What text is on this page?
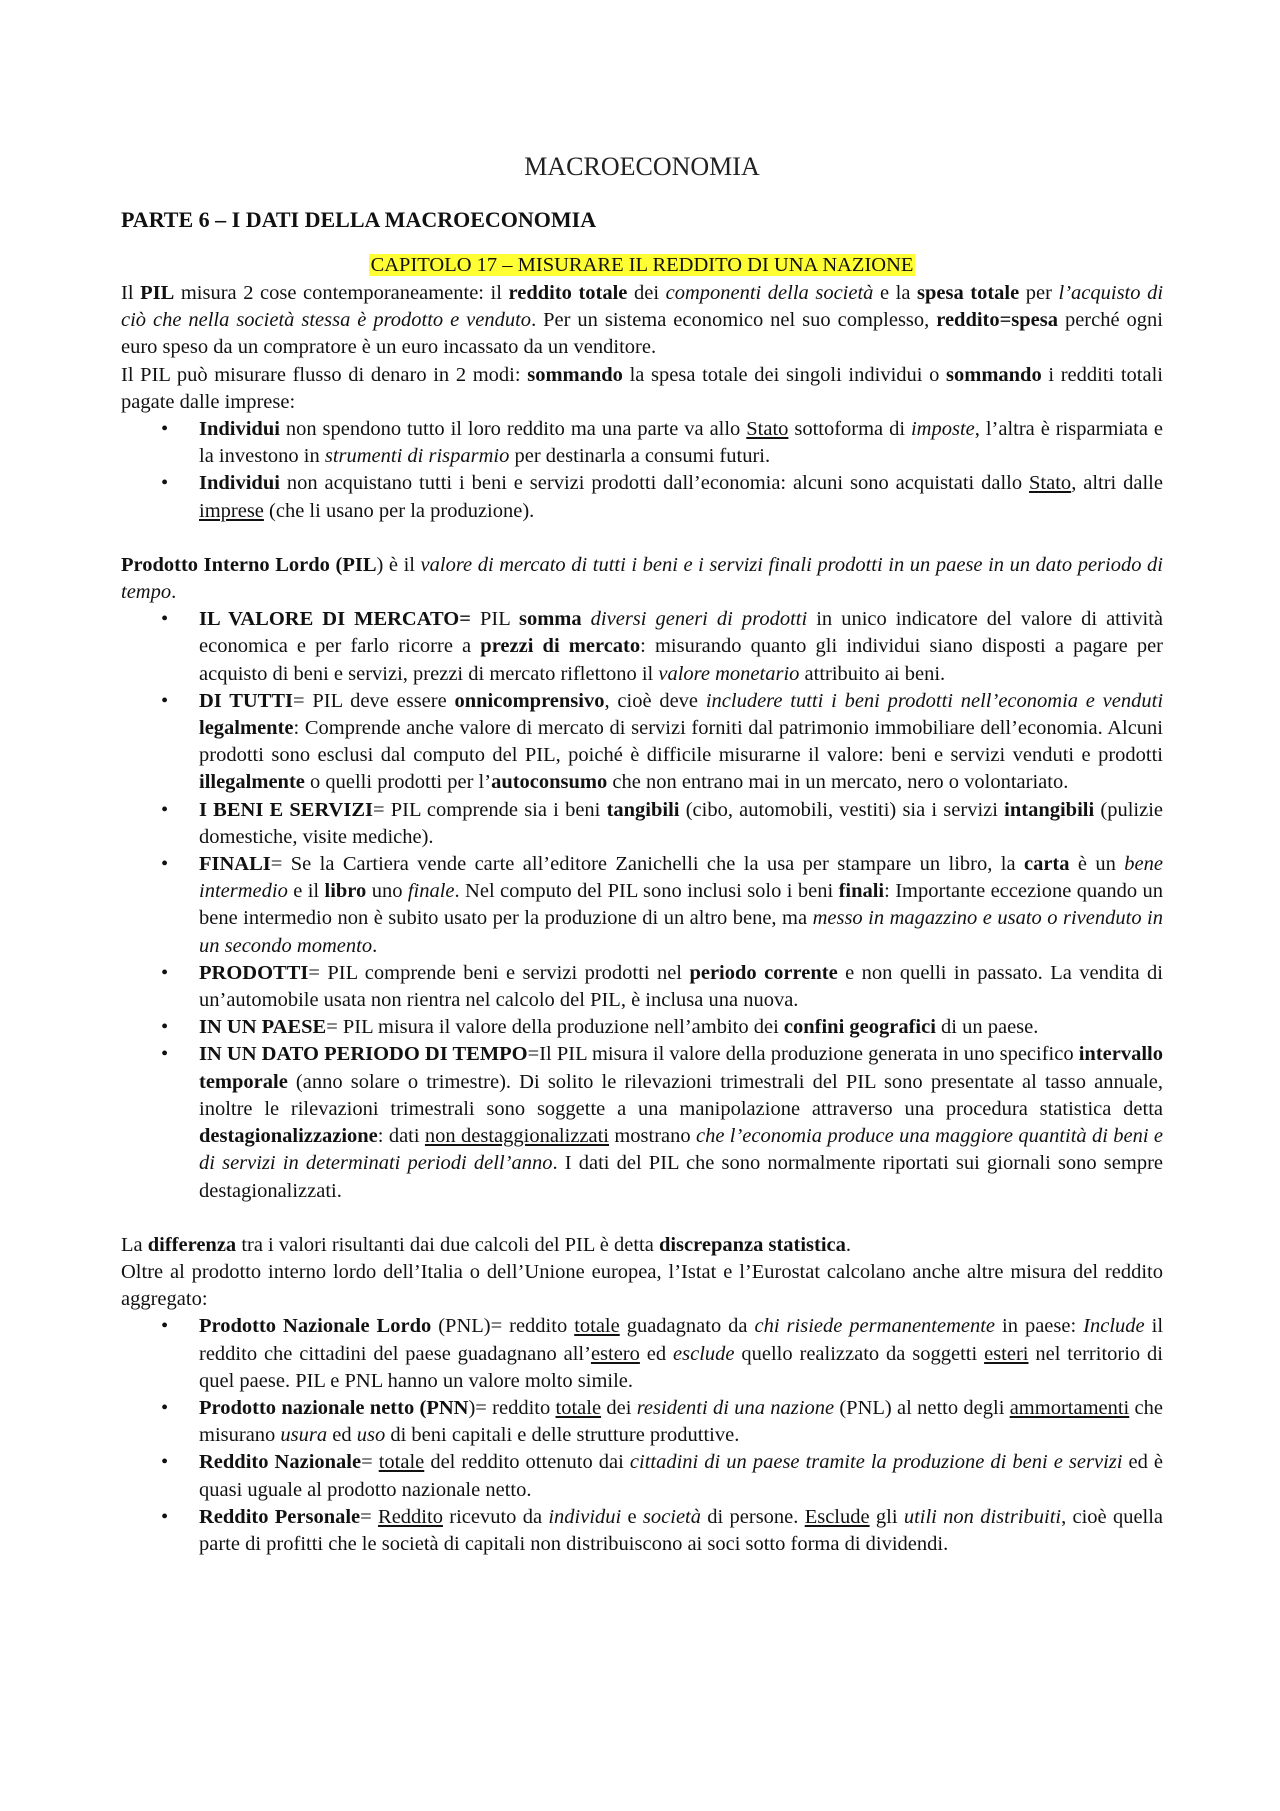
MACROECONOMIA
PARTE 6 – I DATI DELLA MACROECONOMIA
CAPITOLO 17 – MISURARE IL REDDITO DI UNA NAZIONE

Il PIL misura 2 cose contemporaneamente: il reddito totale dei componenti della società e la spesa totale per l’acquisto di ciò che nella società stessa è prodotto e venduto. Per un sistema economico nel suo complesso, reddito=spesa perché ogni euro speso da un compratore è un euro incassato da un venditore.

Il PIL può misurare flusso di denaro in 2 modi: sommando la spesa totale dei singoli individui o sommando i redditi totali pagate dalle imprese:

• Individui non spendono tutto il loro reddito ma una parte va allo Stato sottoforma di imposte, l’altra è risparmiata e la investono in strumenti di risparmio per destinarla a consumi futuri.
• Individui non acquistano tutti i beni e servizi prodotti dall’economia: alcuni sono acquistati dallo Stato, altri dalle imprese (che li usano per la produzione).

Prodotto Interno Lordo (PIL) è il valore di mercato di tutti i beni e i servizi finali prodotti in un paese in un dato periodo di tempo.

• IL VALORE DI MERCATO= PIL somma diversi generi di prodotti in unico indicatore del valore di attività economica e per farlo ricorre a prezzi di mercato: misurando quanto gli individui siano disposti a pagare per acquisto di beni e servizi, prezzi di mercato riflettono il valore monetario attribuito ai beni.
• DI TUTTI= PIL deve essere onnicomprensivo, cioè deve includere tutti i beni prodotti nell’economia e venduti legalmente: Comprende anche valore di mercato di servizi forniti dal patrimonio immobiliare dell’economia. Alcuni prodotti sono esclusi dal computo del PIL, poiché è difficile misurarne il valore: beni e servizi venduti e prodotti illegalmente o quelli prodotti per l’autoconsumo che non entrano mai in un mercato, nero o volontariato.
• I BENI E SERVIZI= PIL comprende sia i beni tangibili (cibo, automobili, vestiti) sia i servizi intangibili (pulizie domestiche, visite mediche).
• FINALI= Se la Cartiera vende carte all’editore Zanichelli che la usa per stampare un libro, la carta è un bene intermedio e il libro uno finale. Nel computo del PIL sono inclusi solo i beni finali: Importante eccezione quando un bene intermedio non è subito usato per la produzione di un altro bene, ma messo in magazzino e usato o rivenduto in un secondo momento.
• PRODOTTI= PIL comprende beni e servizi prodotti nel periodo corrente e non quelli in passato. La vendita di un’automobile usata non rientra nel calcolo del PIL, è inclusa una nuova.
• IN UN PAESE= PIL misura il valore della produzione nell’ambito dei confini geografici di un paese.
• IN UN DATO PERIODO DI TEMPO=Il PIL misura il valore della produzione generata in uno specifico intervallo temporale (anno solare o trimestre). Di solito le rilevazioni trimestrali del PIL sono presentate al tasso annuale, inoltre le rilevazioni trimestrali sono soggette a una manipolazione attraverso una procedura statistica detta destagionalizzazione: dati non destaggionalizzati mostrano che l’economia produce una maggiore quantità di beni e di servizi in determinati periodi dell’anno. I dati del PIL che sono normalmente riportati sui giornali sono sempre destagionalizzati.

La differenza tra i valori risultanti dai due calcoli del PIL è detta discrepanza statistica.

Oltre al prodotto interno lordo dell’Italia o dell’Unione europea, l’Istat e l’Eurostat calcolano anche altre misura del reddito aggregato:

• Prodotto Nazionale Lordo (PNL)= reddito totale guadagnato da chi risiede permanentemente in paese: Include il reddito che cittadini del paese guadagnano all’estero ed esclude quello realizzato da soggetti esteri nel territorio di quel paese. PIL e PNL hanno un valore molto simile.
• Prodotto nazionale netto (PNN)= reddito totale dei residenti di una nazione (PNL) al netto degli ammortamenti che misurano usura ed uso di beni capitali e delle strutture produttive.
• Reddito Nazionale= totale del reddito ottenuto dai cittadini di un paese tramite la produzione di beni e servizi ed è quasi uguale al prodotto nazionale netto.
• Reddito Personale= Reddito ricevuto da individui e società di persone. Esclude gli utili non distribuiti, cioè quella parte di profitti che le società di capitali non distribuiscono ai soci sotto forma di dividendi.
